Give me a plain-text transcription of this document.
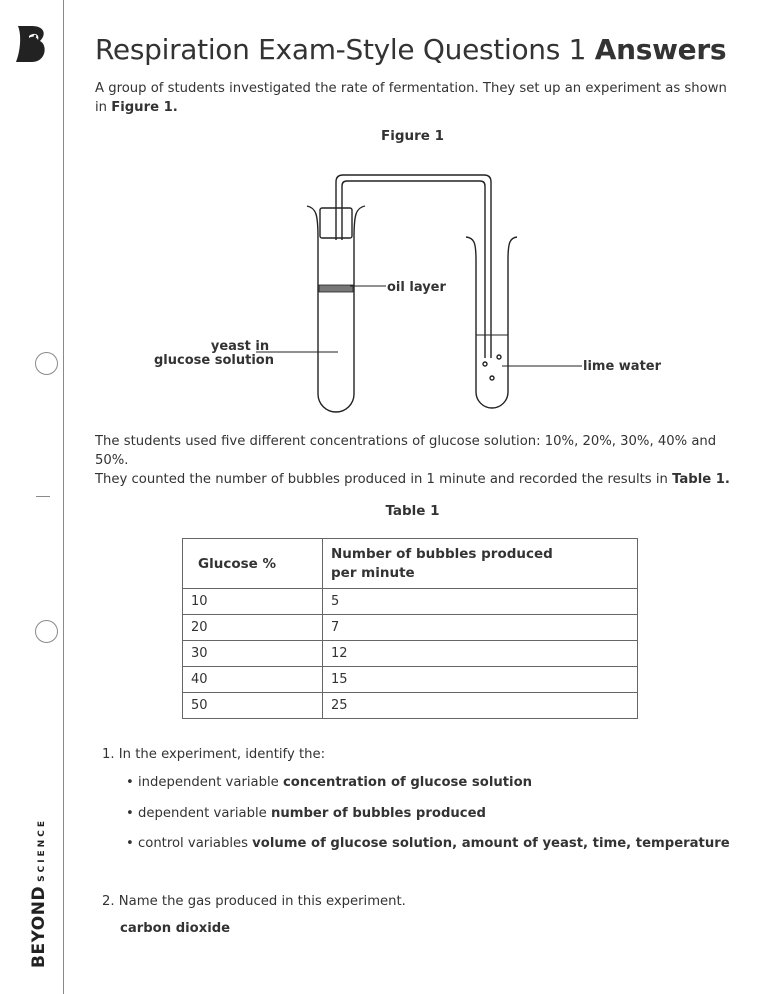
BEYONDSCIENCE
Respiration Exam-Style Questions 1 Answers

A group of students investigated the rate of fermentation. They set up an experiment as shown in Figure 1.

Figure 1
oil layer
yeast in
glucose solution	lime water

The students used five different concentrations of glucose solution: 10%, 20%, 30%, 40% and 50%.
They counted the number of bubbles produced in 1 minute and recorded the results in Table 1.

Table 1
Glucose %	Number of bubbles produced
per minute
10	5
20	7
30	12
40	15
50	25
1. In the experiment, identify the:
• independent variable concentration of glucose solution
• dependent variable number of bubbles produced
• control variables volume of glucose solution, amount of yeast, time, temperature
2. Name the gas produced in this experiment.
carbon dioxide
